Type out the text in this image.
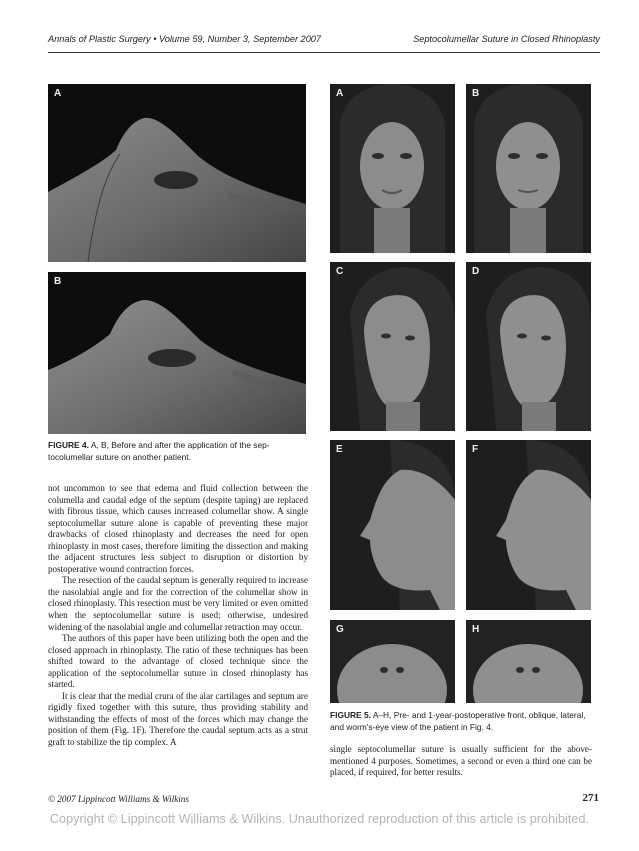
Annals of Plastic Surgery • Volume 59, Number 3, September 2007	Septocolumellar Suture in Closed Rhinoplasty
A
B
FIGURE 4. A, B, Before and after the application of the sep-tocolumellar suture on another patient.
A	B
C	D
E	F
G	H
FIGURE 5. A–H, Pre- and 1-year-postoperative front, oblique, lateral, and worm's-eye view of the patient in Fig. 4.

not uncommon to see that edema and fluid collection between the columella and caudal edge of the septum (despite taping) are replaced with fibrous tissue, which causes increased columellar show. A single septocolumellar suture alone is capable of preventing these major drawbacks of closed rhinoplasty and decreases the need for open rhinoplasty in most cases, therefore limiting the dissection and making the adjacent structures less subject to disruption or distortion by postoperative wound contraction forces.

The resection of the caudal septum is generally required to increase the nasolabial angle and for the correction of the columellar show in closed rhinoplasty. This resection must be very limited or even omitted when the septocolumellar suture is used; otherwise, undesired widening of the nasolabial angle and columellar retraction may occur.

The authors of this paper have been utilizing both the open and the closed approach in rhinoplasty. The ratio of these techniques has been shifted toward to the advantage of closed technique since the application of the septocolumellar suture in closed rhinoplasty has started.

It is clear that the medial crura of the alar cartilages and septum are rigidly fixed together with this suture, thus providing stability and withstanding the effects of most of the forces which may change the position of them (Fig. 1F). Therefore the caudal septum acts as a strut graft to stabilize the tip complex. A

single septocolumellar suture is usually sufficient for the above-mentioned 4 purposes. Sometimes, a second or even a third one can be placed, if required, for better results.

© 2007 Lippincott Williams & Wilkins	271
Copyright © Lippincott Williams & Wilkins. Unauthorized reproduction of this article is prohibited.
